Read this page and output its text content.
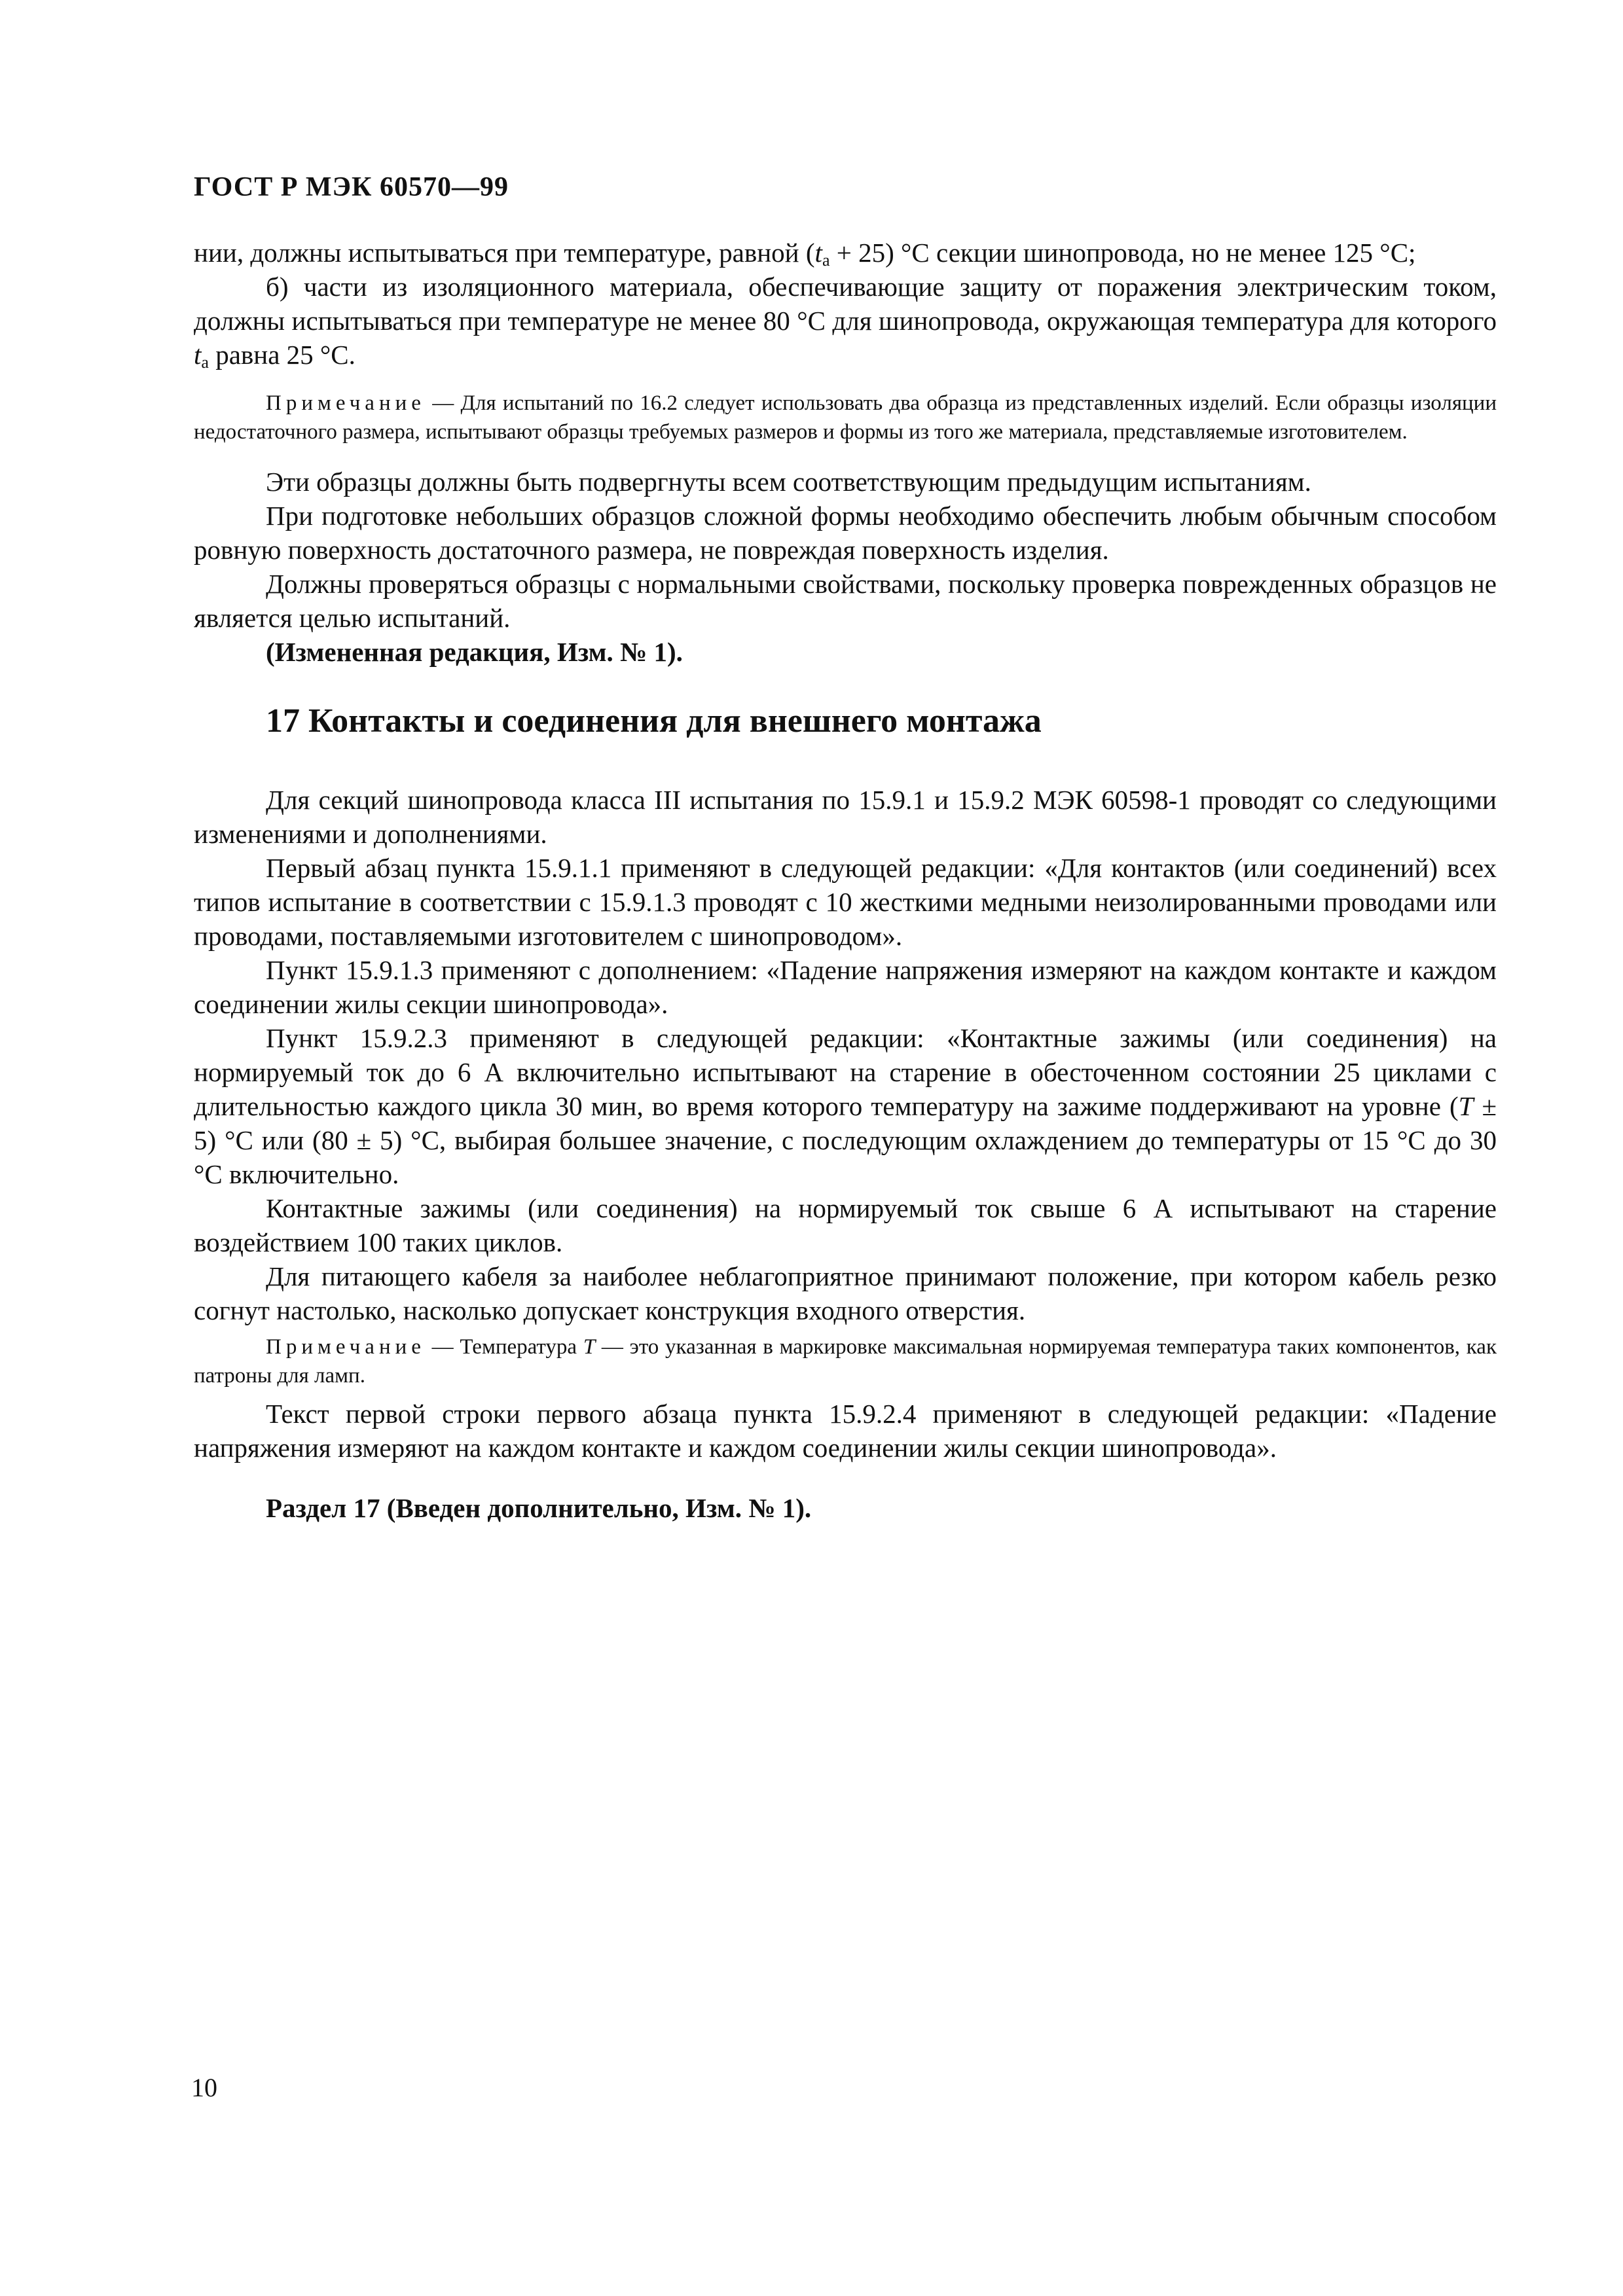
ГОСТ Р МЭК 60570—99

нии, должны испытываться при температуре, равной $(t_a + 25)$ °С секции шинопровода, но не менее 125 °С;

б) части из изоляционного материала, обеспечивающие защиту от поражения электрическим током, должны испытываться при температуре не менее 80 °С для шинопровода, окружающая температура для которого $t_a$ равна 25 °С.

Примечание — Для испытаний по 16.2 следует использовать два образца из представленных изделий. Если образцы изоляции недостаточного размера, испытывают образцы требуемых размеров и формы из того же материала, представляемые изготовителем.

Эти образцы должны быть подвергнуты всем соответствующим предыдущим испытаниям.

При подготовке небольших образцов сложной формы необходимо обеспечить любым обычным способом ровную поверхность достаточного размера, не повреждая поверхность изделия.

Должны проверяться образцы с нормальными свойствами, поскольку проверка поврежденных образцов не является целью испытаний.

(Измененная редакция, Изм. № 1).

17 Контакты и соединения для внешнего монтажа

Для секций шинопровода класса III испытания по 15.9.1 и 15.9.2 МЭК 60598-1 проводят со следующими изменениями и дополнениями.

Первый абзац пункта 15.9.1.1 применяют в следующей редакции: «Для контактов (или соединений) всех типов испытание в соответствии с 15.9.1.3 проводят с 10 жесткими медными неизолированными проводами или проводами, поставляемыми изготовителем с шинопроводом».

Пункт 15.9.1.3 применяют с дополнением: «Падение напряжения измеряют на каждом контакте и каждом соединении жилы секции шинопровода».

Пункт 15.9.2.3 применяют в следующей редакции: «Контактные зажимы (или соединения) на нормируемый ток до 6 А включительно испытывают на старение в обесточенном состоянии 25 циклами с длительностью каждого цикла 30 мин, во время которого температуру на зажиме поддерживают на уровне (T ± 5) °С или (80 ± 5) °С, выбирая большее значение, с последующим охлаждением до температуры от 15 °С до 30 °С включительно.

Контактные зажимы (или соединения) на нормируемый ток свыше 6 А испытывают на старение воздействием 100 таких циклов.

Для питающего кабеля за наиболее неблагоприятное принимают положение, при котором кабель резко согнут настолько, насколько допускает конструкция входного отверстия.

Примечание — Температура T — это указанная в маркировке максимальная нормируемая температура таких компонентов, как патроны для ламп.

Текст первой строки первого абзаца пункта 15.9.2.4 применяют в следующей редакции: «Падение напряжения измеряют на каждом контакте и каждом соединении жилы секции шинопровода».

Раздел 17 (Введен дополнительно, Изм. № 1).

10
